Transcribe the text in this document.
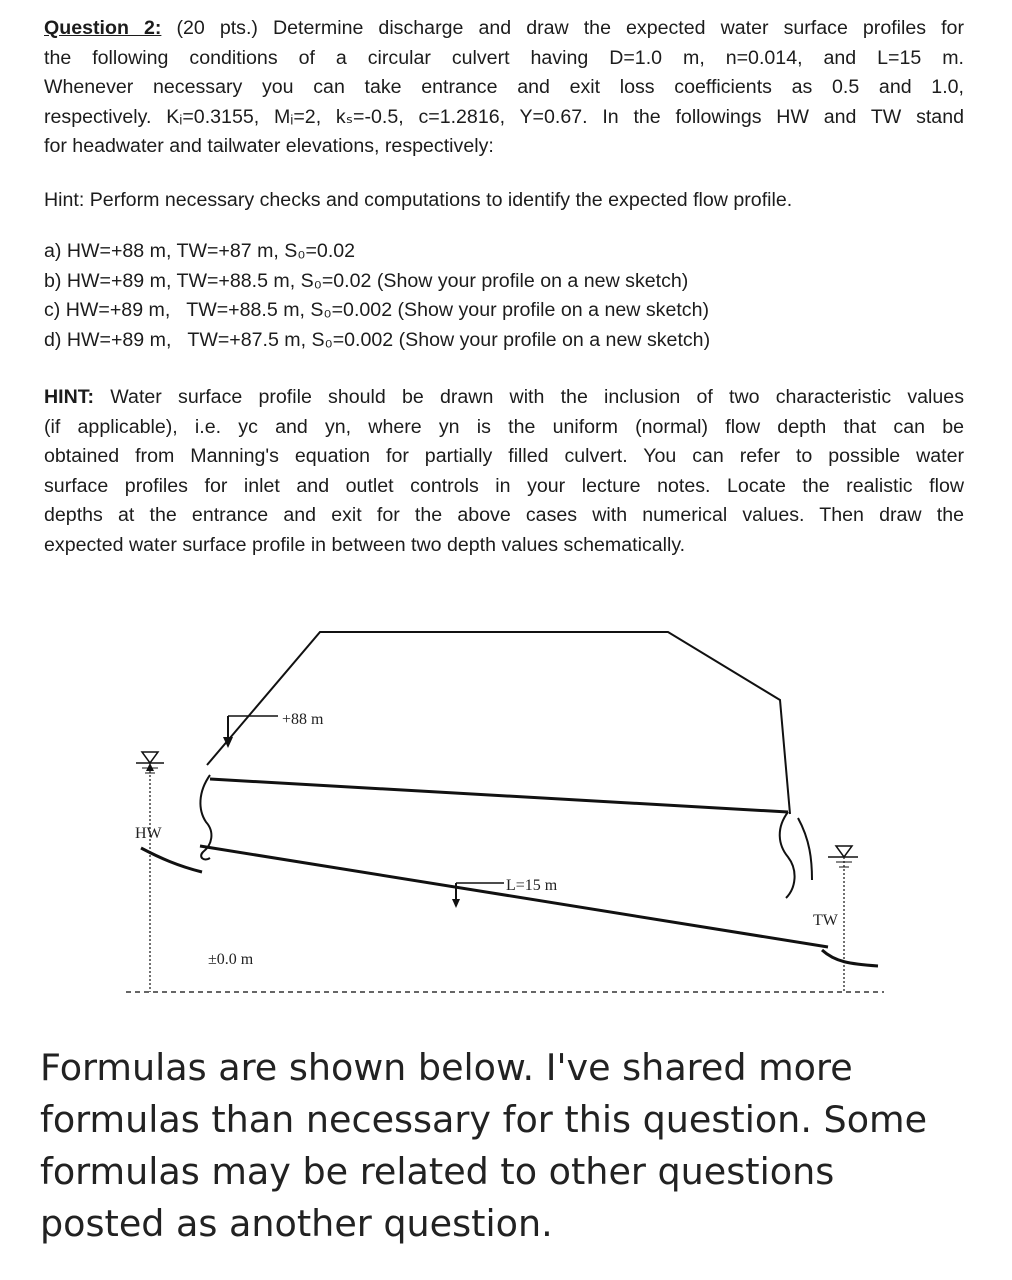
Question 2: (20 pts.) Determine discharge and draw the expected water surface profiles for
the following conditions of a circular culvert having D=1.0 m, n=0.014, and L=15 m.
Whenever necessary you can take entrance and exit loss coefficients as 0.5 and 1.0,
respectively. Kᵢ=0.3155, Mᵢ=2, kₛ=-0.5, c=1.2816, Y=0.67. In the followings HW and TW stand
for headwater and tailwater elevations, respectively:
Hint: Perform necessary checks and computations to identify the expected flow profile.
a) HW=+88 m, TW=+87 m, S₀=0.02
b) HW=+89 m, TW=+88.5 m, S₀=0.02 (Show your profile on a new sketch)
c) HW=+89 m,   TW=+88.5 m, S₀=0.002 (Show your profile on a new sketch)
d) HW=+89 m,   TW=+87.5 m, S₀=0.002 (Show your profile on a new sketch)
HINT: Water surface profile should be drawn with the inclusion of two characteristic values
(if applicable), i.e. yc and yn, where yn is the uniform (normal) flow depth that can be
obtained from Manning's equation for partially filled culvert. You can refer to possible water
surface profiles for inlet and outlet controls in your lecture notes. Locate the realistic flow
depths at the entrance and exit for the above cases with numerical values. Then draw the
expected water surface profile in between two depth values schematically.
HW
TW
+88 m
L=15 m
±0.0 m
Formulas are shown below. I've shared more
formulas than necessary for this question. Some
formulas may be related to other questions
posted as another question.
